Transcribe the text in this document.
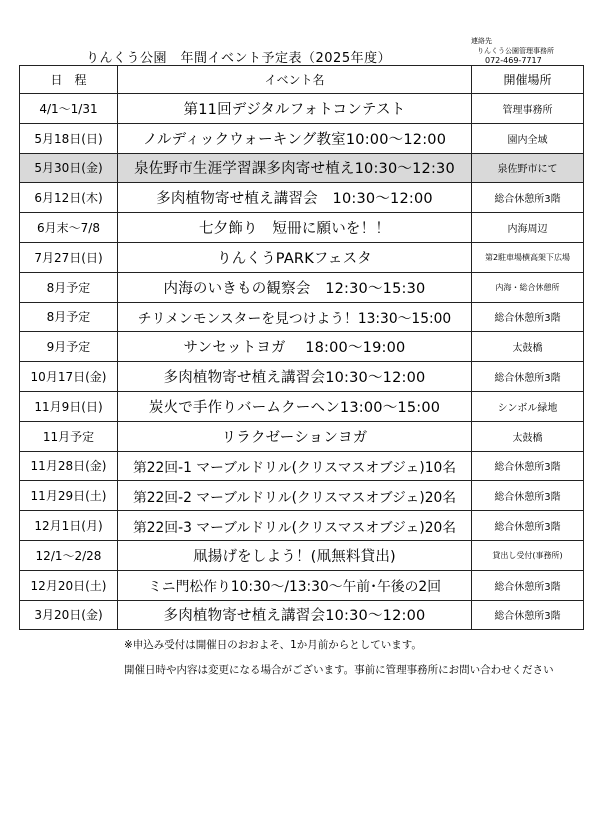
りんくう公園　年間イベント予定表（2025年度）
連絡先
りんくう公園管理事務所
072-469-7717
日　程	イベント名	開催場所
4/1～1/31	第11回デジタルフォトコンテスト	管理事務所
5月18日(日)	ノルディックウォーキング教室10:00～12:00	園内全域
5月30日(金)	泉佐野市生涯学習課多肉寄せ植え10:30～12:30	泉佐野市にて
6月12日(木)	多肉植物寄せ植え講習会　10:30～12:00	総合休憩所3階
6月末～7/8	七夕飾り　短冊に願いを！！	内海周辺
7月27日(日)	りんくうPARKフェスタ	第2駐車場横高架下広場
8月予定	内海のいきもの観察会　12:30～15:30	内海・総合休憩所
8月予定	チリメンモンスターを見つけよう！13:30～15:00	総合休憩所3階
9月予定	サンセットヨガ　 18:00～19:00	太鼓橋
10月17日(金)	多肉植物寄せ植え講習会10:30～12:00	総合休憩所3階
11月9日(日)	炭火で手作りバームクーヘン13:00～15:00	シンボル緑地
11月予定	リラクゼーションヨガ	太鼓橋
11月28日(金)	第22回-1 マーブルドリル(クリスマスオブジェ)10名	総合休憩所3階
11月29日(土)	第22回-2 マーブルドリル(クリスマスオブジェ)20名	総合休憩所3階
12月1日(月)	第22回-3 マーブルドリル(クリスマスオブジェ)20名	総合休憩所3階
12/1～2/28	凧揚げをしよう！(凧無料貸出)	貸出し受付(事務所)
12月20日(土)	ミニ門松作り10:30～/13:30～午前･午後の2回	総合休憩所3階
3月20日(金)	多肉植物寄せ植え講習会10:30～12:00	総合休憩所3階
※申込み受付は開催日のおおよそ、1か月前からとしています。
開催日時や内容は変更になる場合がございます。事前に管理事務所にお問い合わせください
